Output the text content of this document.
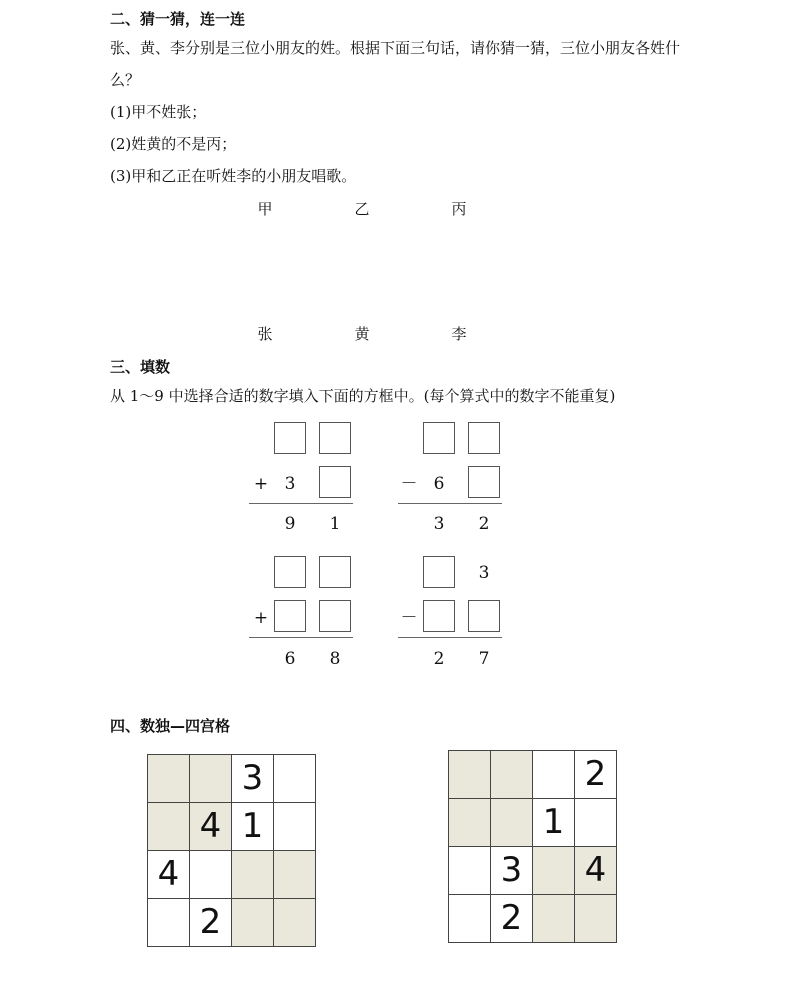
二、猜一猜，连一连
张、黄、李分别是三位小朋友的姓。根据下面三句话，请你猜一猜，三位小朋友各姓什
么？
(1)甲不姓张；
(2)姓黄的不是丙；
(3)甲和乙正在听姓李的小朋友唱歌。
甲	乙	丙
张	黄	李
三、填数
从 1～9 中选择合适的数字填入下面的方框中。(每个算式中的数字不能重复)
+ 3
9	1
－ 6
3	2
+
6	8
3
－
2	7
四、数独—四宫格
		3	
	4	1	
4			
	2		
			2
		1	
	3		4
	2		
